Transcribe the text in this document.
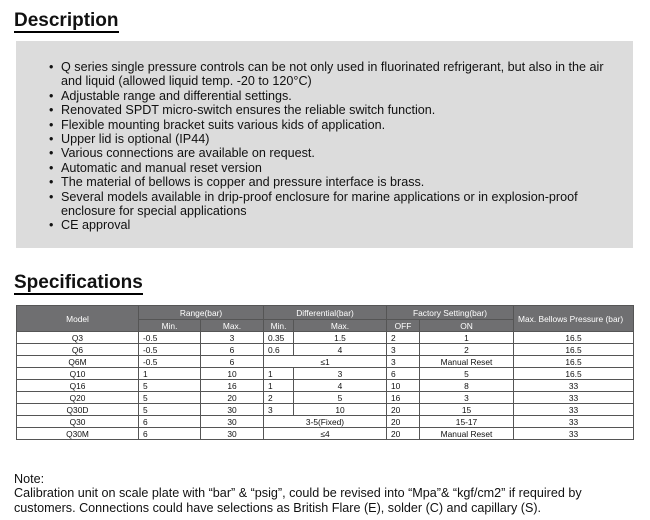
Description
• Q series single pressure controls can be not only used in fluorinated refrigerant, but also in the air and liquid (allowed liquid temp. -20 to 120°C)
• Adjustable range and differential settings.
• Renovated SPDT micro-switch ensures the reliable switch function.
• Flexible mounting bracket suits various kids of application.
• Upper lid is optional (IP44)
• Various connections are available on request.
• Automatic and manual reset version
• The material of bellows is copper and pressure interface is brass.
• Several models available in drip-proof enclosure for marine applications or in explosion-proof enclosure for special applications
• CE approval
Specifications
Model	Range(bar)		Differential(bar)		Factory Setting(bar)		Max. Bellows Pressure (bar)
	Min.	Max.	Min.	Max.	OFF	ON	
Q3	-0.5	3	0.35	1.5	2	1	16.5
Q6	-0.5	6	0.6	4	3	2	16.5
Q6M	-0.5	6	≤1		3	Manual Reset	16.5
Q10	1	10	1	3	6	5	16.5
Q16	5	16	1	4	10	8	33
Q20	5	20	2	5	16	3	33
Q30D	5	30	3	10	20	15	33
Q30	6	30	3-5(Fixed)		20	15-17	33
Q30M	6	30	≤4		20	Manual Reset	33
Note:
Calibration unit on scale plate with “bar” & “psig”, could be revised into “Mpa”& “kgf/cm2” if required by customers. Connections could have selections as British Flare (E), solder (C) and capillary (S).
